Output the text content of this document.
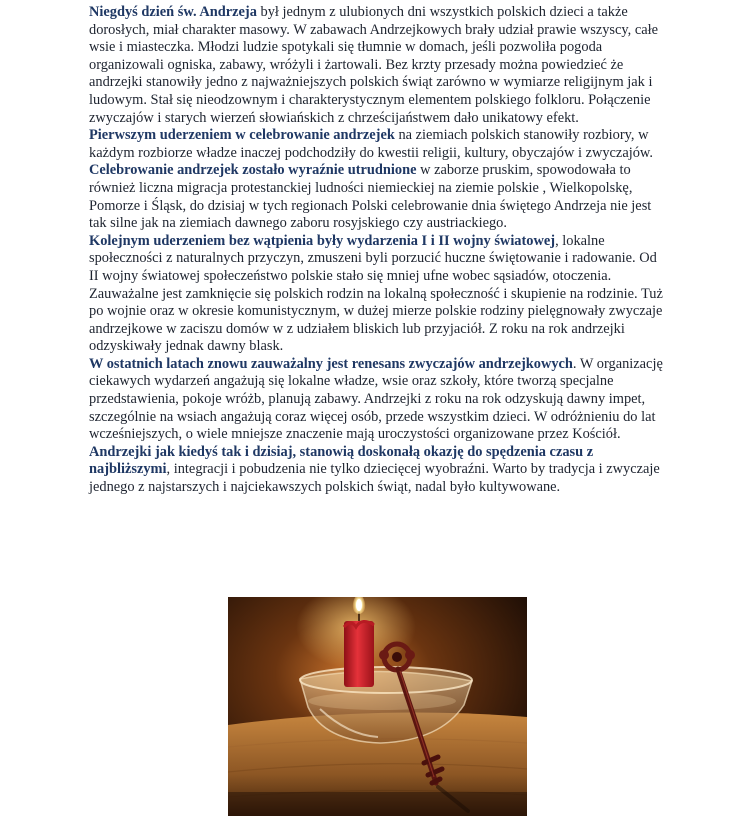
Niegdyś dzień św. Andrzeja był jednym z ulubionych dni wszystkich polskich dzieci a także dorosłych, miał charakter masowy. W zabawach Andrzejkowych brały udział prawie wszyscy, całe wsie i miasteczka. Młodzi ludzie spotykali się tłumnie w domach, jeśli pozwoliła pogoda organizowali ogniska, zabawy, wróżyli i żartowali. Bez krzty przesady można powiedzieć że andrzejki stanowiły jedno z najważniejszych polskich świąt zarówno w wymiarze religijnym jak i ludowym. Stał się nieodzownym i charakterystycznym elementem polskiego folkloru. Połączenie zwyczajów i starych wierzeń słowiańskich z chrześcijaństwem dało unikatowy efekt.

Pierwszym uderzeniem w celebrowanie andrzejek na ziemiach polskich stanowiły rozbiory, w każdym rozbiorze władze inaczej podchodziły do kwestii religii, kultury, obyczajów i zwyczajów.

Celebrowanie andrzejek zostało wyraźnie utrudnione w zaborze pruskim, spowodowała to również liczna migracja protestanckiej ludności niemieckiej na ziemie polskie , Wielkopolskę, Pomorze i Śląsk, do dzisiaj w tych regionach Polski celebrowanie dnia świętego Andrzeja nie jest tak silne jak na ziemiach dawnego zaboru rosyjskiego czy austriackiego.

Kolejnym uderzeniem bez wątpienia były wydarzenia I i II wojny światowej, lokalne społeczności z naturalnych przyczyn, zmuszeni byli porzucić huczne świętowanie i radowanie. Od II wojny światowej społeczeństwo polskie stało się mniej ufne wobec sąsiadów, otoczenia. Zauważalne jest zamknięcie się polskich rodzin na lokalną społeczność i skupienie na rodzinie. Tuż po wojnie oraz w okresie komunistycznym, w dużej mierze polskie rodziny pielęgnowały zwyczaje andrzejkowe w zaciszu domów w z udziałem bliskich lub przyjaciół. Z roku na rok andrzejki odzyskiwały jednak dawny blask.

W ostatnich latach znowu zauważalny jest renesans zwyczajów andrzejkowych. W organizację ciekawych wydarzeń angażują się lokalne władze, wsie oraz szkoły, które tworzą specjalne przedstawienia, pokoje wróżb, planują zabawy. Andrzejki z roku na rok odzyskują dawny impet, szczególnie na wsiach angażują coraz więcej osób, przede wszystkim dzieci. W odróżnieniu do lat wcześniejszych, o wiele mniejsze znaczenie mają uroczystości organizowane przez Kościół.

Andrzejki jak kiedyś tak i dzisiaj, stanowią doskonałą okazję do spędzenia czasu z najbliższymi, integracji i pobudzenia nie tylko dziecięcej wyobraźni. Warto by tradycja i zwyczaje jednego z najstarszych i najciekawszych polskich świąt, nadal było kultywowane.
